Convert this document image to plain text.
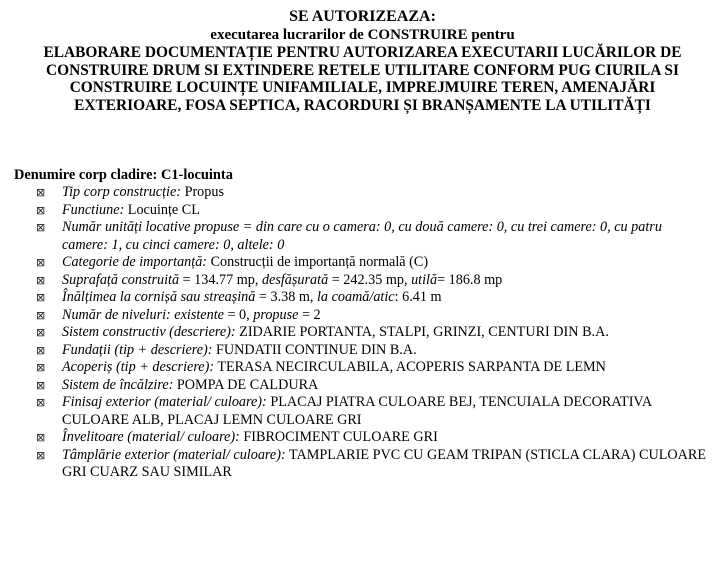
SE AUTORIZEAZA:
executarea lucrarilor de CONSTRUIRE pentru
ELABORARE DOCUMENTAȚIE PENTRU AUTORIZAREA EXECUTARII LUCĂRILOR DE CONSTRUIRE DRUM SI EXTINDERE RETELE UTILITARE CONFORM PUG CIURILA SI CONSTRUIRE LOCUINȚE UNIFAMILIALE, IMPREJMUIRE TEREN, AMENAJĂRI EXTERIOARE, FOSA SEPTICA, RACORDURI ȘI BRANȘAMENTE LA UTILITĂȚI
Denumire corp cladire: C1-locuinta
⊠ Tip corp construcție: Propus
⊠ Functiune: Locuințe CL
⊠ Număr unități locative propuse = din care cu o camera: 0, cu două camere: 0, cu trei camere: 0, cu patru camere: 1, cu cinci camere: 0, altele: 0
⊠ Categorie de importanță: Construcții de importanță normală (C)
⊠ Suprafață construită = 134.77 mp, desfășurată = 242.35 mp, utilă= 186.8 mp
⊠ Înălțimea la cornișă sau streașină = 3.38 m, la coamă/atic: 6.41 m
⊠ Număr de niveluri: existente = 0, propuse = 2
⊠ Sistem constructiv (descriere): ZIDARIE PORTANTA, STALPI, GRINZI, CENTURI DIN B.A.
⊠ Fundații (tip + descriere): FUNDATII CONTINUE DIN B.A.
⊠ Acoperiș (tip + descriere): TERASA NECIRCULABILA, ACOPERIS SARPANTA DE LEMN
⊠ Sistem de încălzire: POMPA DE CALDURA
⊠ Finisaj exterior (material/ culoare): PLACAJ PIATRA CULOARE BEJ, TENCUIALA DECORATIVA CULOARE ALB, PLACAJ LEMN CULOARE GRI
⊠ Învelitoare (material/ culoare): FIBROCIMENT CULOARE GRI
⊠ Tâmplărie exterior (material/ culoare): TAMPLARIE PVC CU GEAM TRIPAN (STICLA CLARA) CULOARE GRI CUARZ SAU SIMILAR
